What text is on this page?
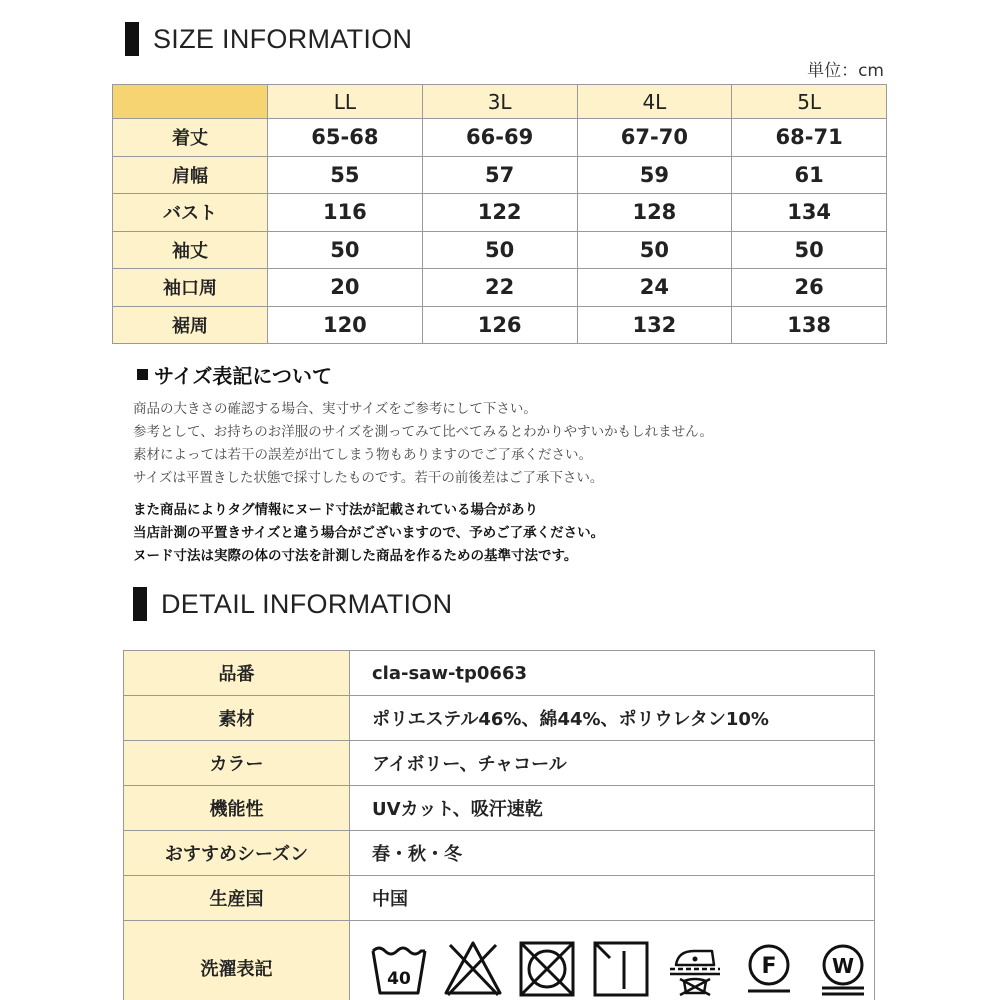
SIZE INFORMATION
単位：cm
	LL	3L	4L	5L
着丈	65-68	66-69	67-70	68-71
肩幅	55	57	59	61
バスト	116	122	128	134
袖丈	50	50	50	50
袖口周	20	22	24	26
裾周	120	126	132	138
サイズ表記について
商品の大きさの確認する場合、実寸サイズをご参考にして下さい。
参考として、お持ちのお洋服のサイズを測ってみて比べてみるとわかりやすいかもしれません。
素材によっては若干の誤差が出てしまう物もありますのでご了承ください。
サイズは平置きした状態で採寸したものです。若干の前後差はご了承下さい。
また商品によりタグ情報にヌード寸法が記載されている場合があり
当店計測の平置きサイズと違う場合がございますので、予めご了承ください。
ヌード寸法は実際の体の寸法を計測した商品を作るための基準寸法です。
DETAIL INFORMATION
品番	cla-saw-tp0663
素材	ポリエステル46%、綿44%、ポリウレタン10%
カラー	アイボリー、チャコール
機能性	UVカット、吸汗速乾
おすすめシーズン	春・秋・冬
生産国	中国
洗濯表記	40 F W
